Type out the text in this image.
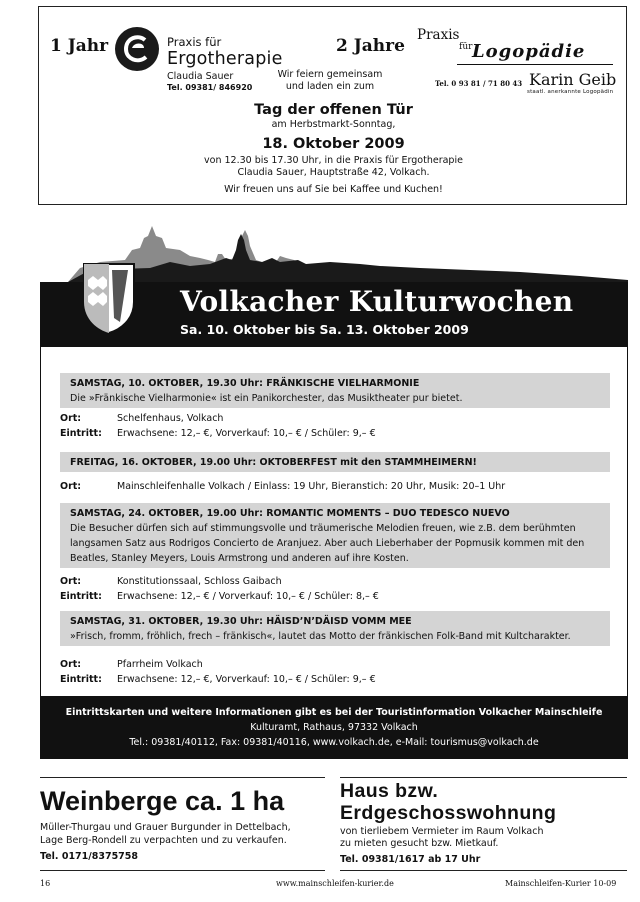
1 Jahr	Praxis für
Ergotherapie
Claudia Sauer
Tel. 09381/ 846920
2 Jahre
Wir feiern gemeinsam
und laden ein zum
Praxis
für Logopädie
Tel. 0 93 81 / 71 80 43 Karin Geib
staatl. anerkannte Logopädin
Tag der offenen Tür
am Herbstmarkt-Sonntag,
18. Oktober 2009
von 12.30 bis 17.30 Uhr, in die Praxis für Ergotherapie
Claudia Sauer, Hauptstraße 42, Volkach.
Wir freuen uns auf Sie bei Kaffee und Kuchen!
Volkacher Kulturwochen
Sa. 10. Oktober bis Sa. 13. Oktober 2009
SAMSTAG, 10. OKTOBER, 19.30 Uhr: FRÄNKISCHE VIELHARMONIE
Die »Fränkische Vielharmonie« ist ein Panikorchester, das Musiktheater pur bietet.
Ort:	Schelfenhaus, Volkach
Eintritt:	Erwachsene: 12,– €, Vorverkauf: 10,– € / Schüler: 9,– €
FREITAG, 16. OKTOBER, 19.00 Uhr: OKTOBERFEST mit den STAMMHEIMERN!
Ort:	Mainschleifenhalle Volkach / Einlass: 19 Uhr, Bieranstich: 20 Uhr, Musik: 20–1 Uhr
SAMSTAG, 24. OKTOBER, 19.00 Uhr: ROMANTIC MOMENTS – DUO TEDESCO NUEVO
Die Besucher dürfen sich auf stimmungsvolle und träumerische Melodien freuen, wie z.B. dem berühmten langsamen Satz aus Rodrigos Concierto de Aranjuez. Aber auch Lieberhaber der Popmusik kommen mit den Beatles, Stanley Meyers, Louis Armstrong und anderen auf ihre Kosten.
Ort:	Konstitutionssaal, Schloss Gaibach
Eintritt:	Erwachsene: 12,– € / Vorverkauf: 10,– € / Schüler: 8,– €
SAMSTAG, 31. OKTOBER, 19.30 Uhr: HÄISD’N’DÄISD VOMM MEE
»Frisch, fromm, fröhlich, frech – fränkisch«, lautet das Motto der fränkischen Folk-Band mit Kultcharakter.
Ort:	Pfarrheim Volkach
Eintritt:	Erwachsene: 12,– €, Vorverkauf: 10,– € / Schüler: 9,– €
Eintrittskarten und weitere Informationen gibt es bei der Touristinformation Volkacher Mainschleife
Kulturamt, Rathaus, 97332 Volkach
Tel.: 09381/40112, Fax: 09381/40116, www.volkach.de, e-Mail: tourismus@volkach.de
Weinberge ca. 1 ha
Müller-Thurgau und Grauer Burgunder in Dettelbach,
Lage Berg-Rondell zu verpachten und zu verkaufen.
Tel. 0171/8375758
Haus bzw.
Erdgeschosswohnung
von tierliebem Vermieter im Raum Volkach
zu mieten gesucht bzw. Mietkauf.
Tel. 09381/1617 ab 17 Uhr
16	www.mainschleifen-kurier.de	Mainschleifen-Kurier 10-09
